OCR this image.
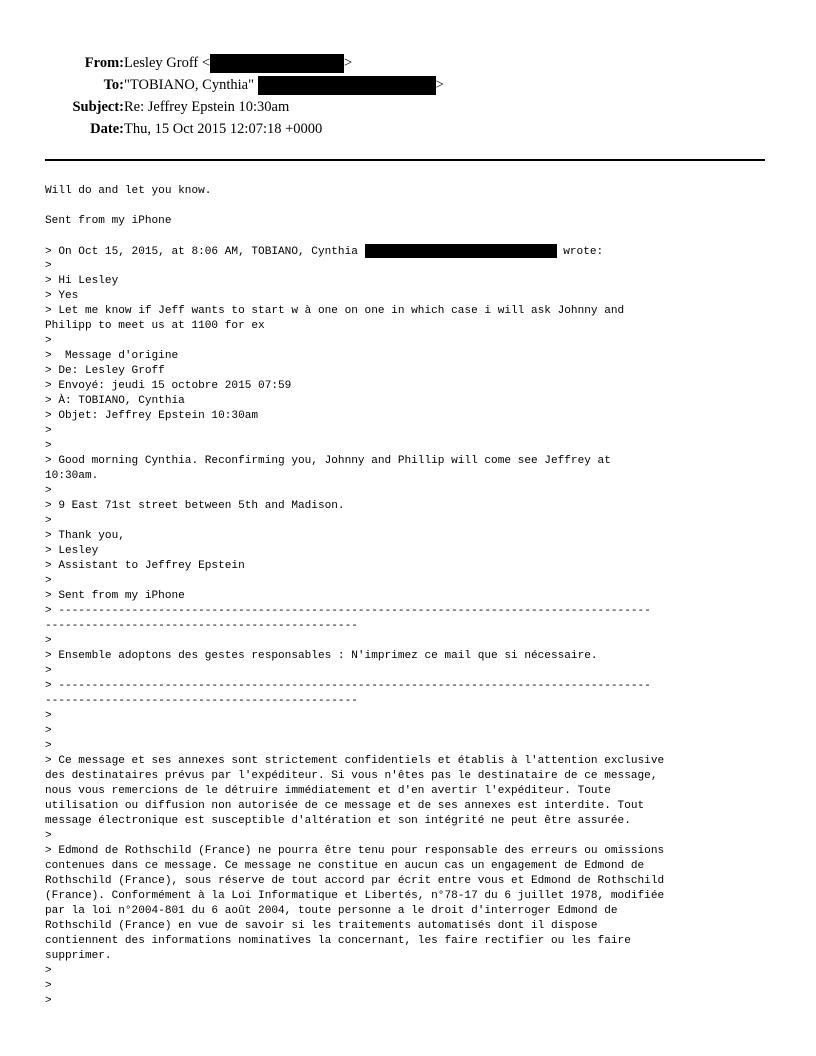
From: Lesley Groff <	>
To: "TOBIANO, Cynthia"	>
Subject: Re: Jeffrey Epstein 10:30am
Date: Thu, 15 Oct 2015 12:07:18 +0000
Will do and let you know.
Sent from my iPhone
> On Oct 15, 2015, at 8:06 AM, TOBIANO, Cynthia	wrote:
>
> Hi Lesley
> Yes
> Let me know if Jeff wants to start w à one on one in which case i will ask Johnny and
Philipp to meet us at 1100 for ex
>
>  Message d'origine
> De: Lesley Groff
> Envoyé: jeudi 15 octobre 2015 07:59
> À: TOBIANO, Cynthia
> Objet: Jeffrey Epstein 10:30am
>
>
> Good morning Cynthia. Reconfirming you, Johnny and Phillip will come see Jeffrey at
10:30am.
>
> 9 East 71st street between 5th and Madison.
>
> Thank you,
> Lesley
> Assistant to Jeffrey Epstein
>
> Sent from my iPhone
> -----------------------------------------------------------------------------------------
-----------------------------------------------
>
> Ensemble adoptons des gestes responsables : N'imprimez ce mail que si nécessaire.
>
> -----------------------------------------------------------------------------------------
-----------------------------------------------
>
>
>
> Ce message et ses annexes sont strictement confidentiels et établis à l'attention exclusive
des destinataires prévus par l'expéditeur. Si vous n'êtes pas le destinataire de ce message,
nous vous remercions de le détruire immédiatement et d'en avertir l'expéditeur. Toute
utilisation ou diffusion non autorisée de ce message et de ses annexes est interdite. Tout
message électronique est susceptible d'altération et son intégrité ne peut être assurée.
>
> Edmond de Rothschild (France) ne pourra être tenu pour responsable des erreurs ou omissions
contenues dans ce message. Ce message ne constitue en aucun cas un engagement de Edmond de
Rothschild (France), sous réserve de tout accord par écrit entre vous et Edmond de Rothschild
(France). Conformément à la Loi Informatique et Libertés, n°78-17 du 6 juillet 1978, modifiée
par la loi n°2004-801 du 6 août 2004, toute personne a le droit d'interroger Edmond de
Rothschild (France) en vue de savoir si les traitements automatisés dont il dispose
contiennent des informations nominatives la concernant, les faire rectifier ou les faire
supprimer.
>
>
>
